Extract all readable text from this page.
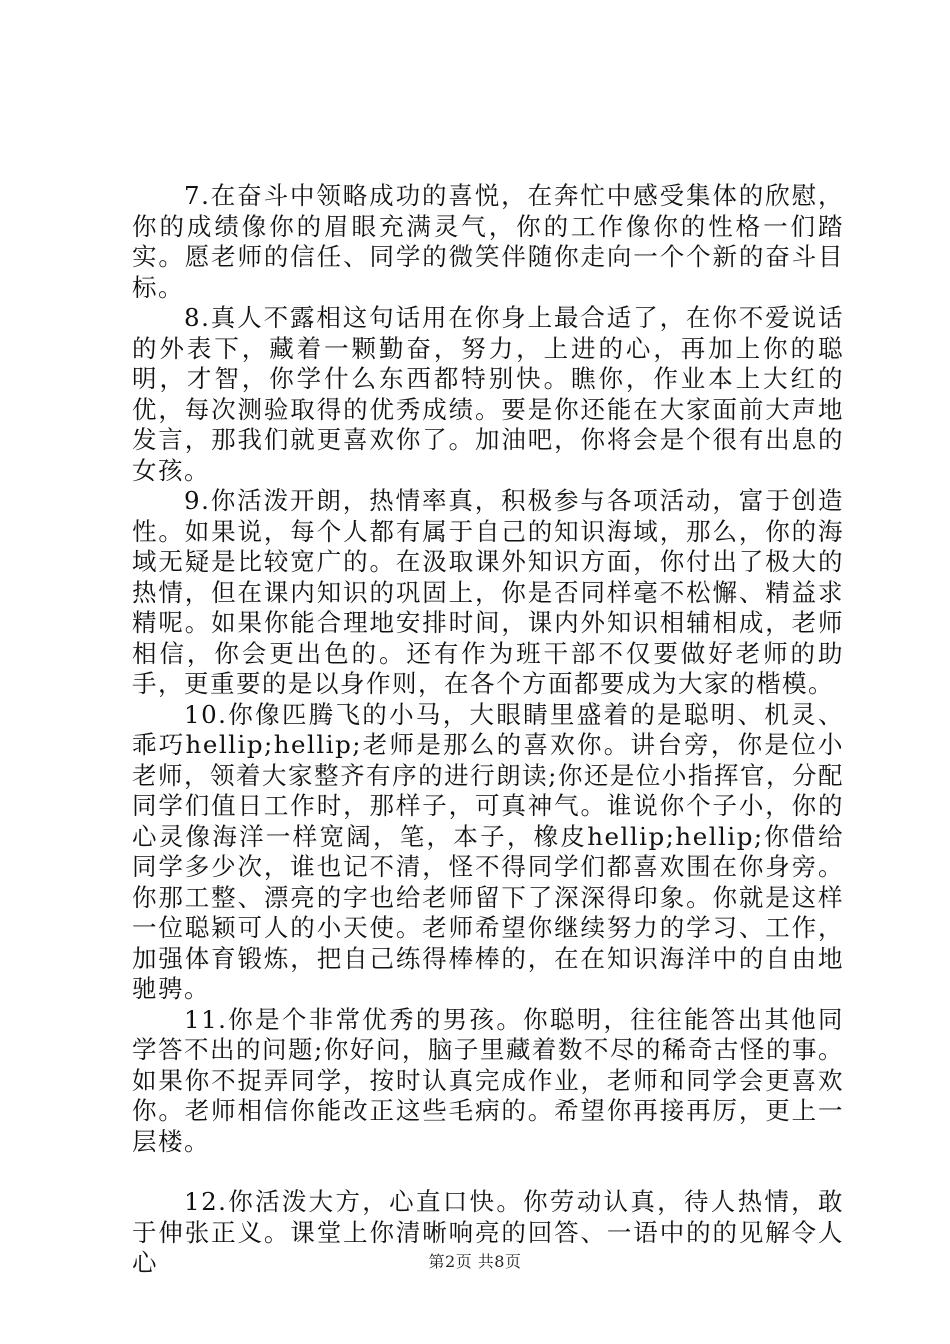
7.在奋斗中领略成功的喜悦，在奔忙中感受集体的欣慰，你的成绩像你的眉眼充满灵气，你的工作像你的性格一们踏实。愿老师的信任、同学的微笑伴随你走向一个个新的奋斗目标。

8.真人不露相这句话用在你身上最合适了，在你不爱说话的外表下，藏着一颗勤奋，努力，上进的心，再加上你的聪明，才智，你学什么东西都特别快。瞧你，作业本上大红的优，每次测验取得的优秀成绩。要是你还能在大家面前大声地发言，那我们就更喜欢你了。加油吧，你将会是个很有出息的女孩。

9.你活泼开朗，热情率真，积极参与各项活动，富于创造性。如果说，每个人都有属于自己的知识海域，那么，你的海域无疑是比较宽广的。在汲取课外知识方面，你付出了极大的热情，但在课内知识的巩固上，你是否同样毫不松懈、精益求精呢。如果你能合理地安排时间，课内外知识相辅相成，老师相信，你会更出色的。还有作为班干部不仅要做好老师的助手，更重要的是以身作则，在各个方面都要成为大家的楷模。

10.你像匹腾飞的小马，大眼睛里盛着的是聪明、机灵、乖巧hellip;hellip;老师是那么的喜欢你。讲台旁，你是位小老师，领着大家整齐有序的进行朗读;你还是位小指挥官，分配同学们值日工作时，那样子，可真神气。谁说你个子小，你的心灵像海洋一样宽阔，笔，本子，橡皮hellip;hellip;你借给同学多少次，谁也记不清，怪不得同学们都喜欢围在你身旁。你那工整、漂亮的字也给老师留下了深深得印象。你就是这样一位聪颖可人的小天使。老师希望你继续努力的学习、工作，加强体育锻炼，把自己练得棒棒的，在在知识海洋中的自由地驰骋。

11.你是个非常优秀的男孩。你聪明，往往能答出其他同学答不出的问题;你好问，脑子里藏着数不尽的稀奇古怪的事。如果你不捉弄同学，按时认真完成作业，老师和同学会更喜欢你。老师相信你能改正这些毛病的。希望你再接再厉，更上一层楼。

12.你活泼大方，心直口快。你劳动认真，待人热情，敢于伸张正义。课堂上你清晰响亮的回答、一语中的的见解令人心	第2页 共8页
